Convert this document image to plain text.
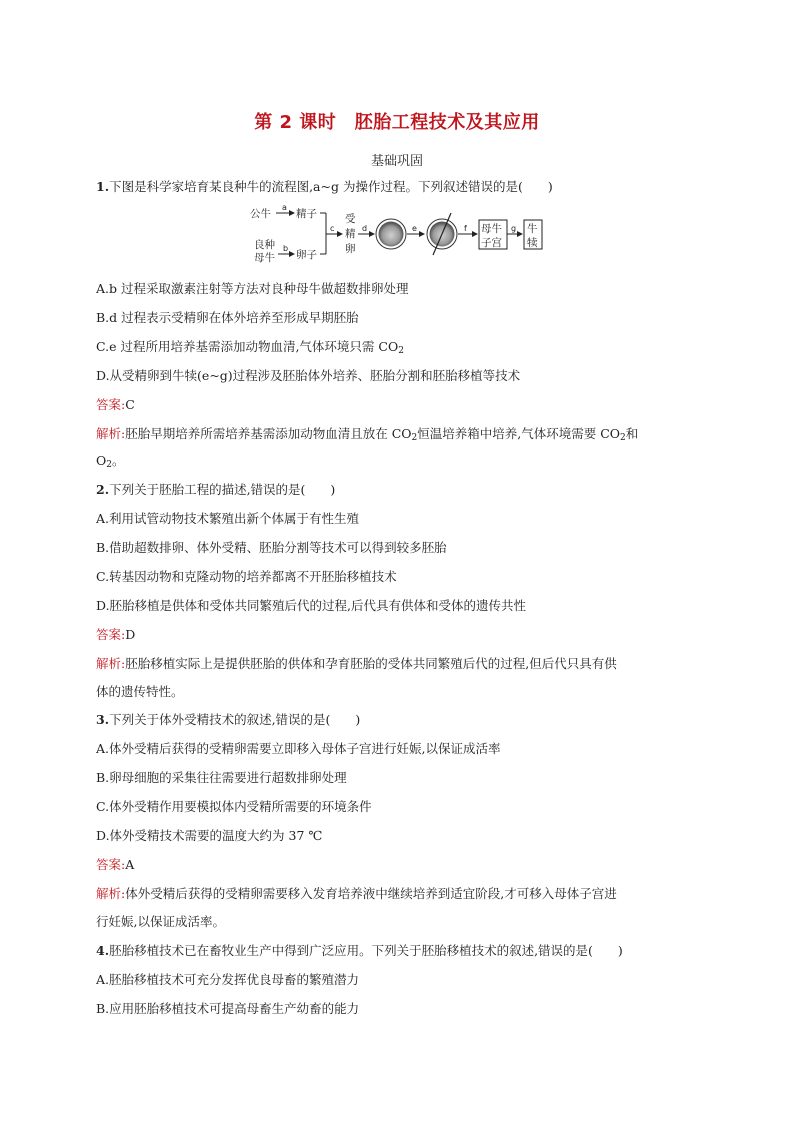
第 2 课时　胚胎工程技术及其应用
基础巩固
1.下图是科学家培育某良种牛的流程图,a~g 为操作过程。下列叙述错误的是(　　)
公牛
a
精子
良种
母牛
b
卵子
c
受
精
卵
d	e	f 母牛
子宫
g 牛
犊
A.b 过程采取激素注射等方法对良种母牛做超数排卵处理
B.d 过程表示受精卵在体外培养至形成早期胚胎
C.e 过程所用培养基需添加动物血清,气体环境只需 $CO_2$
D.从受精卵到牛犊(e~g)过程涉及胚胎体外培养、胚胎分割和胚胎移植等技术
答案:C
解析:胚胎早期培养所需培养基需添加动物血清且放在 $CO_2$恒温培养箱中培养,气体环境需要 $CO_2$和
$O_2$。
2.下列关于胚胎工程的描述,错误的是(　　)
A.利用试管动物技术繁殖出新个体属于有性生殖
B.借助超数排卵、体外受精、胚胎分割等技术可以得到较多胚胎
C.转基因动物和克隆动物的培养都离不开胚胎移植技术
D.胚胎移植是供体和受体共同繁殖后代的过程,后代具有供体和受体的遗传共性
答案:D
解析:胚胎移植实际上是提供胚胎的供体和孕育胚胎的受体共同繁殖后代的过程,但后代只具有供
体的遗传特性。
3.下列关于体外受精技术的叙述,错误的是(　　)
A.体外受精后获得的受精卵需要立即移入母体子宫进行妊娠,以保证成活率
B.卵母细胞的采集往往需要进行超数排卵处理
C.体外受精作用要模拟体内受精所需要的环境条件
D.体外受精技术需要的温度大约为 37 ℃
答案:A
解析:体外受精后获得的受精卵需要移入发育培养液中继续培养到适宜阶段,才可移入母体子宫进
行妊娠,以保证成活率。
4.胚胎移植技术已在畜牧业生产中得到广泛应用。下列关于胚胎移植技术的叙述,错误的是(　　)
A.胚胎移植技术可充分发挥优良母畜的繁殖潜力
B.应用胚胎移植技术可提高母畜生产幼畜的能力
